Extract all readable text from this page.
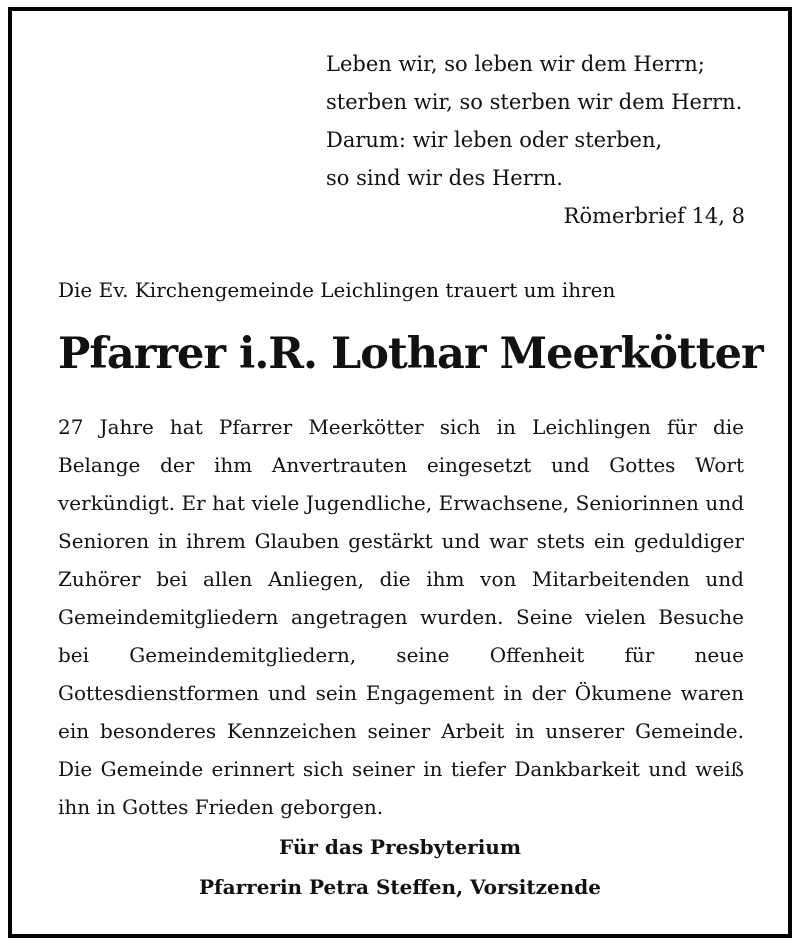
Leben wir, so leben wir dem Herrn;
sterben wir, so sterben wir dem Herrn.
Darum: wir leben oder sterben,
so sind wir des Herrn.
Römerbrief 14, 8
Die Ev. Kirchengemeinde Leichlingen trauert um ihren
Pfarrer i.R. Lothar Meerkötter
27 Jahre hat Pfarrer Meerkötter sich in Leichlingen für die Belange der ihm Anvertrauten eingesetzt und Gottes Wort verkündigt. Er hat viele Jugendliche, Erwachsene, Seniorinnen und Senioren in ihrem Glauben gestärkt und war stets ein geduldiger Zuhörer bei allen Anliegen, die ihm von Mitarbeitenden und Gemeindemitgliedern angetragen wurden. Seine vielen Besuche bei Gemeindemitgliedern, seine Offenheit für neue Gottesdienstformen und sein Engagement in der Ökumene waren ein besonderes Kennzeichen seiner Arbeit in unserer Gemeinde. Die Gemeinde erinnert sich seiner in tiefer Dankbarkeit und weiß ihn in Gottes Frieden geborgen.
Für das Presbyterium
Pfarrerin Petra Steffen, Vorsitzende
